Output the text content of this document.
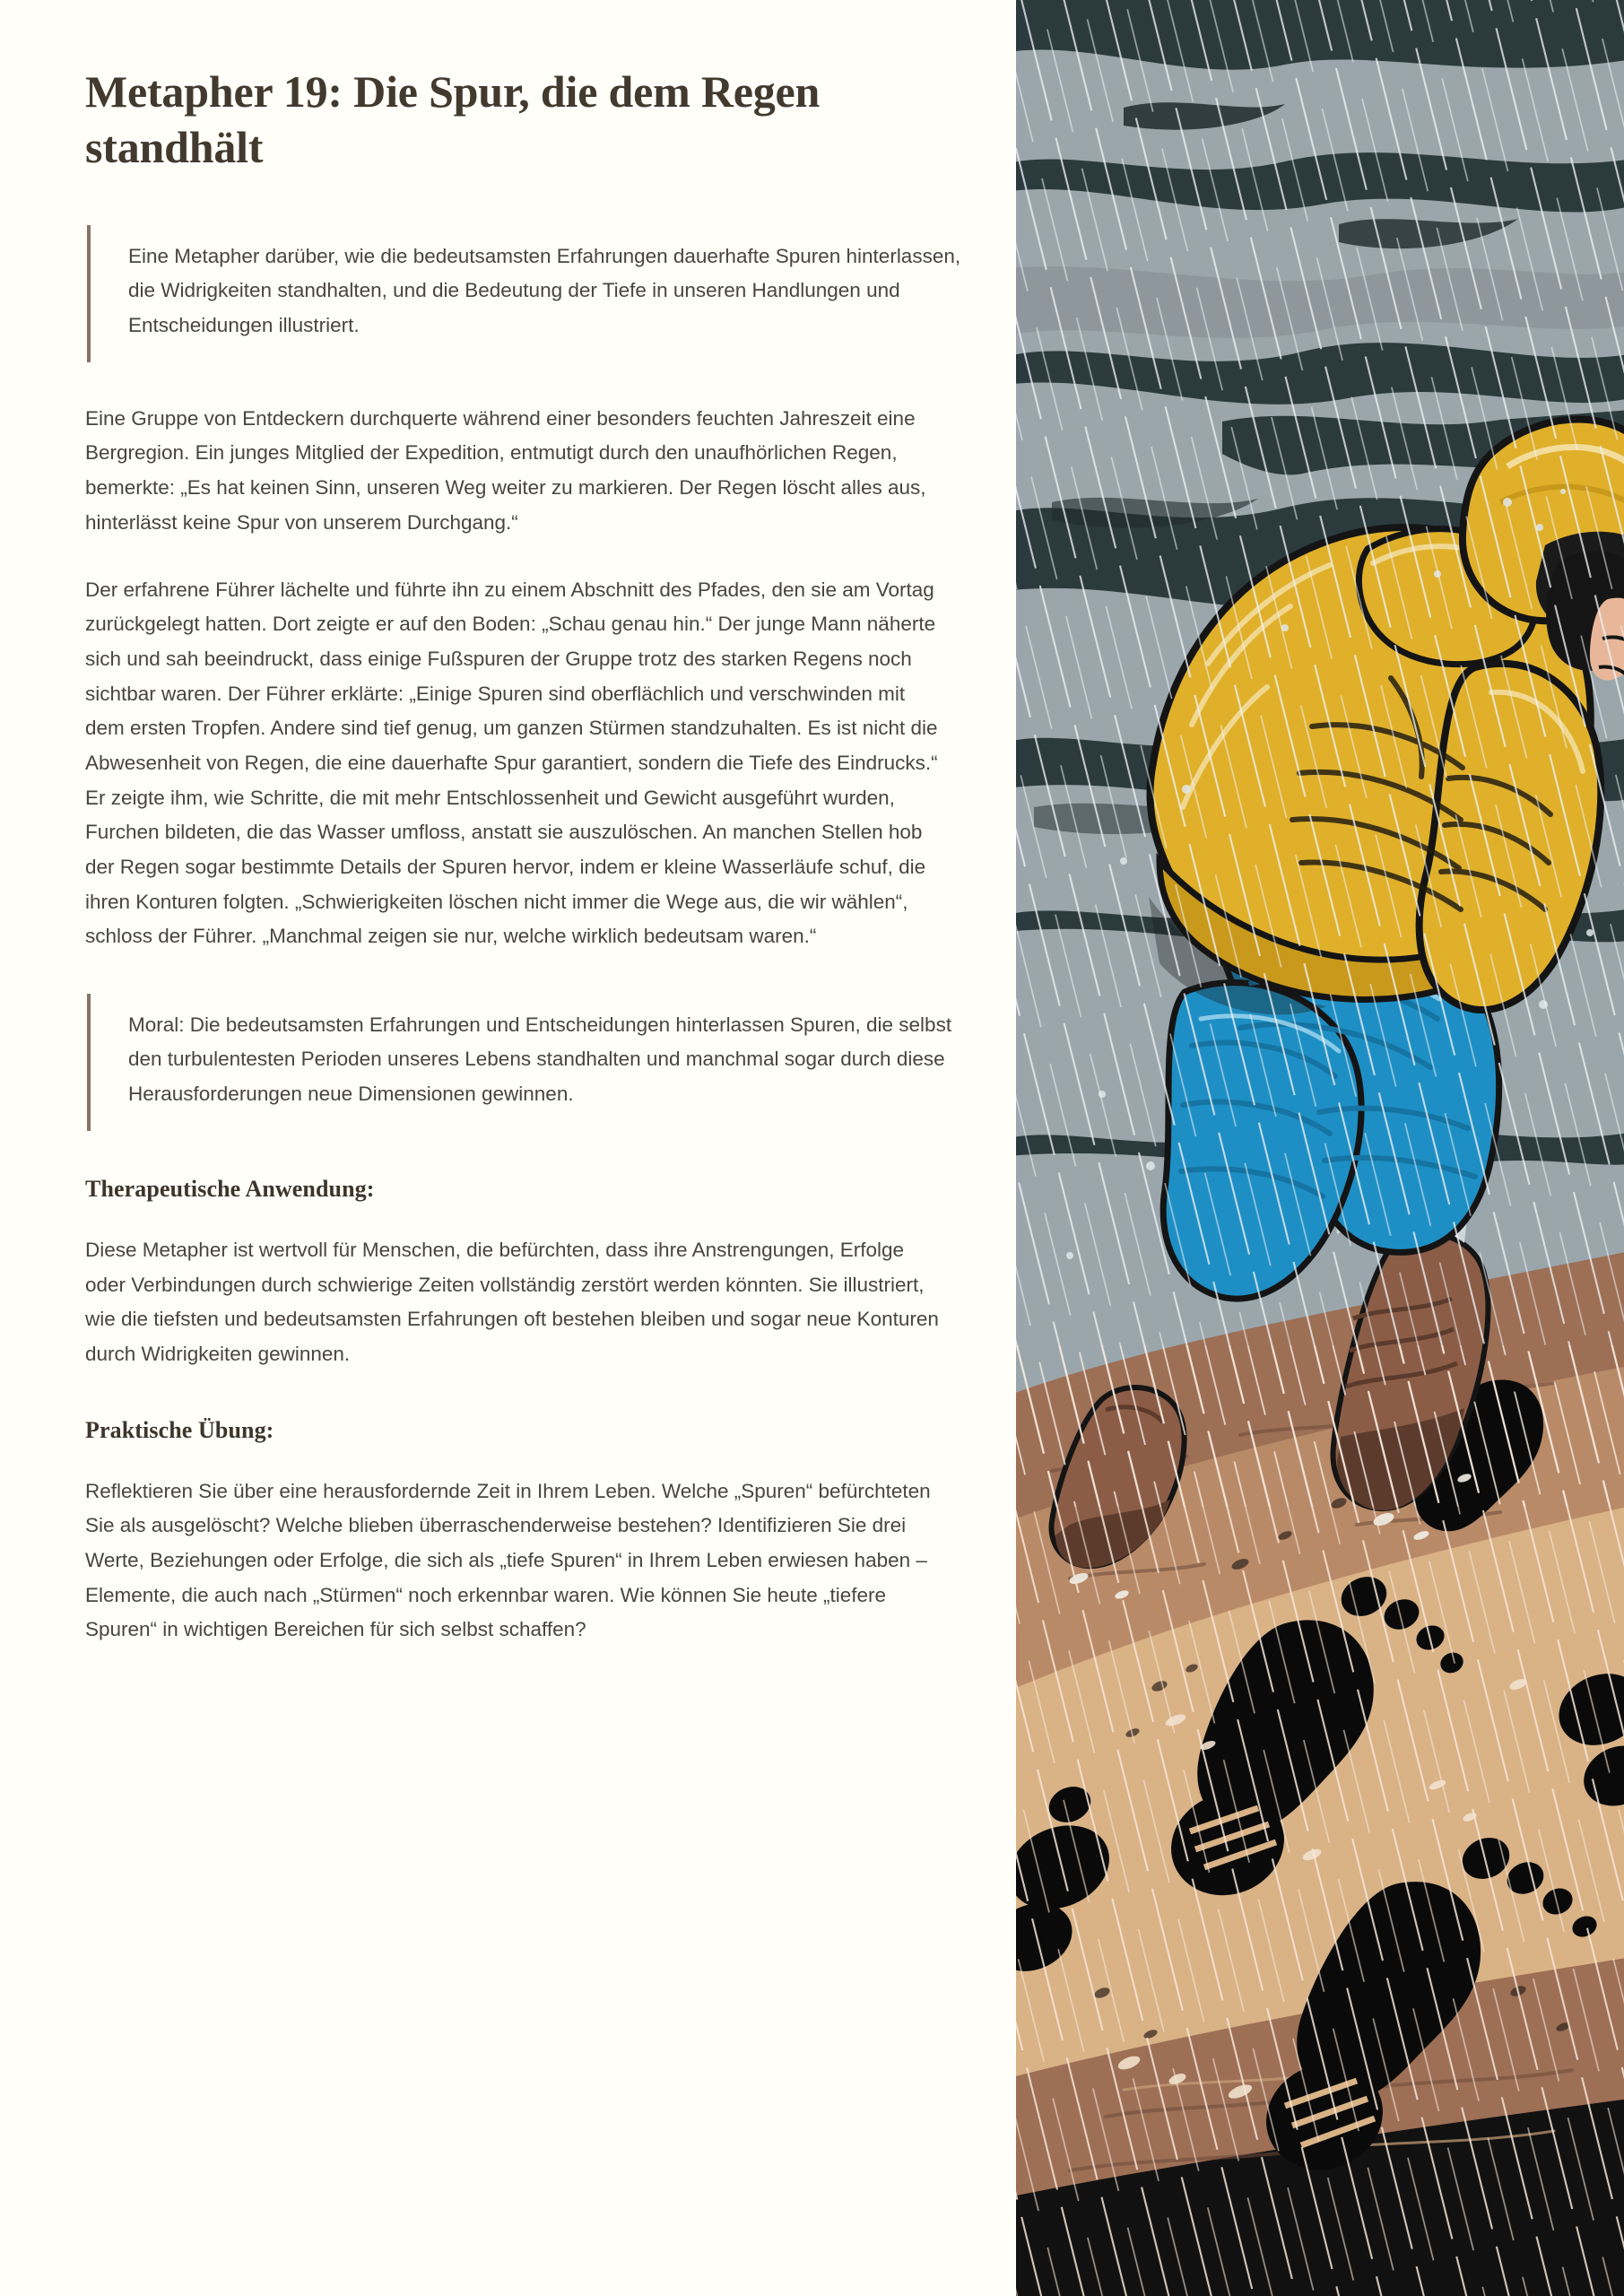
Metapher 19: Die Spur, die dem Regen standhält

Eine Metapher darüber, wie die bedeutsamsten Erfahrungen dauerhafte Spuren hinterlassen, die Widrigkeiten standhalten, und die Bedeutung der Tiefe in unseren Handlungen und Entscheidungen illustriert.

Eine Gruppe von Entdeckern durchquerte während einer besonders feuchten Jahreszeit eine Bergregion. Ein junges Mitglied der Expedition, entmutigt durch den unaufhörlichen Regen, bemerkte: „Es hat keinen Sinn, unseren Weg weiter zu markieren. Der Regen löscht alles aus, hinterlässt keine Spur von unserem Durchgang.“

Der erfahrene Führer lächelte und führte ihn zu einem Abschnitt des Pfades, den sie am Vortag zurückgelegt hatten. Dort zeigte er auf den Boden: „Schau genau hin.“ Der junge Mann näherte sich und sah beeindruckt, dass einige Fußspuren der Gruppe trotz des starken Regens noch sichtbar waren. Der Führer erklärte: „Einige Spuren sind oberflächlich und verschwinden mit dem ersten Tropfen. Andere sind tief genug, um ganzen Stürmen standzuhalten. Es ist nicht die Abwesenheit von Regen, die eine dauerhafte Spur garantiert, sondern die Tiefe des Eindrucks.“ Er zeigte ihm, wie Schritte, die mit mehr Entschlossenheit und Gewicht ausgeführt wurden, Furchen bildeten, die das Wasser umfloss, anstatt sie auszulöschen. An manchen Stellen hob der Regen sogar bestimmte Details der Spuren hervor, indem er kleine Wasserläufe schuf, die ihren Konturen folgten. „Schwierigkeiten löschen nicht immer die Wege aus, die wir wählen“, schloss der Führer. „Manchmal zeigen sie nur, welche wirklich bedeutsam waren.“

Moral: Die bedeutsamsten Erfahrungen und Entscheidungen hinterlassen Spuren, die selbst den turbulentesten Perioden unseres Lebens standhalten und manchmal sogar durch diese Herausforderungen neue Dimensionen gewinnen.

Therapeutische Anwendung:

Diese Metapher ist wertvoll für Menschen, die befürchten, dass ihre Anstrengungen, Erfolge oder Verbindungen durch schwierige Zeiten vollständig zerstört werden könnten. Sie illustriert, wie die tiefsten und bedeutsamsten Erfahrungen oft bestehen bleiben und sogar neue Konturen durch Widrigkeiten gewinnen.

Praktische Übung:

Reflektieren Sie über eine herausfordernde Zeit in Ihrem Leben. Welche „Spuren“ befürchteten Sie als ausgelöscht? Welche blieben überraschenderweise bestehen? Identifizieren Sie drei Werte, Beziehungen oder Erfolge, die sich als „tiefe Spuren“ in Ihrem Leben erwiesen haben – Elemente, die auch nach „Stürmen“ noch erkennbar waren. Wie können Sie heute „tiefere Spuren“ in wichtigen Bereichen für sich selbst schaffen?
